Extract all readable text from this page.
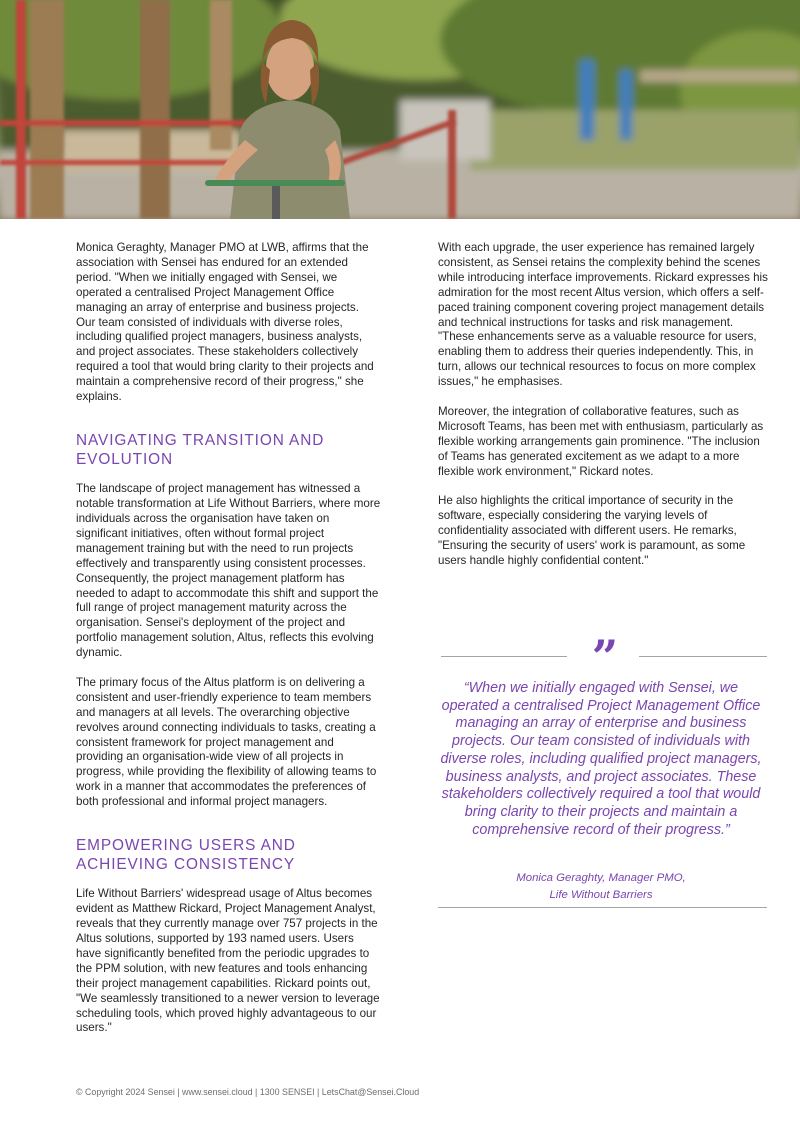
Monica Geraghty, Manager PMO at LWB, affirms that the association with Sensei has endured for an extended period. "When we initially engaged with Sensei, we operated a centralised Project Management Office managing an array of enterprise and business projects. Our team consisted of individuals with diverse roles, including qualified project managers, business analysts, and project associates. These stakeholders collectively required a tool that would bring clarity to their projects and maintain a comprehensive record of their progress," she explains.

NAVIGATING TRANSITION AND EVOLUTION

The landscape of project management has witnessed a notable transformation at Life Without Barriers, where more individuals across the organisation have taken on significant initiatives, often without formal project management training but with the need to run projects effectively and transparently using consistent processes. Consequently, the project management platform has needed to adapt to accommodate this shift and support the full range of project management maturity across the organisation. Sensei's deployment of the project and portfolio management solution, Altus, reflects this evolving dynamic.

The primary focus of the Altus platform is on delivering a consistent and user-friendly experience to team members and managers at all levels. The overarching objective revolves around connecting individuals to tasks, creating a consistent framework for project management and providing an organisation-wide view of all projects in progress, while providing the flexibility of allowing teams to work in a manner that accommodates the preferences of both professional and informal project managers.

EMPOWERING USERS AND ACHIEVING CONSISTENCY

Life Without Barriers' widespread usage of Altus becomes evident as Matthew Rickard, Project Management Analyst, reveals that they currently manage over 757 projects in the Altus solutions, supported by 193 named users. Users have significantly benefited from the periodic upgrades to the PPM solution, with new features and tools enhancing their project management capabilities. Rickard points out, "We seamlessly transitioned to a newer version to leverage scheduling tools, which proved highly advantageous to our users."

With each upgrade, the user experience has remained largely consistent, as Sensei retains the complexity behind the scenes while introducing interface improvements. Rickard expresses his admiration for the most recent Altus version, which offers a self-paced training component covering project management details and technical instructions for tasks and risk management. "These enhancements serve as a valuable resource for users, enabling them to address their queries independently. This, in turn, allows our technical resources to focus on more complex issues," he emphasises.

Moreover, the integration of collaborative features, such as Microsoft Teams, has been met with enthusiasm, particularly as flexible working arrangements gain prominence. "The inclusion of Teams has generated excitement as we adapt to a more flexible work environment," Rickard notes.

He also highlights the critical importance of security in the software, especially considering the varying levels of confidentiality associated with different users. He remarks, "Ensuring the security of users' work is paramount, as some users handle highly confidential content."

”
“When we initially engaged with Sensei, we operated a centralised Project Management Office managing an array of enterprise and business projects. Our team consisted of individuals with diverse roles, including qualified project managers, business analysts, and project associates. These stakeholders collectively required a tool that would bring clarity to their projects and maintain a comprehensive record of their progress.”
Monica Geraghty, Manager PMO,
Life Without Barriers
© Copyright 2024 Sensei | www.sensei.cloud | 1300 SENSEI | LetsChat@Sensei.Cloud
